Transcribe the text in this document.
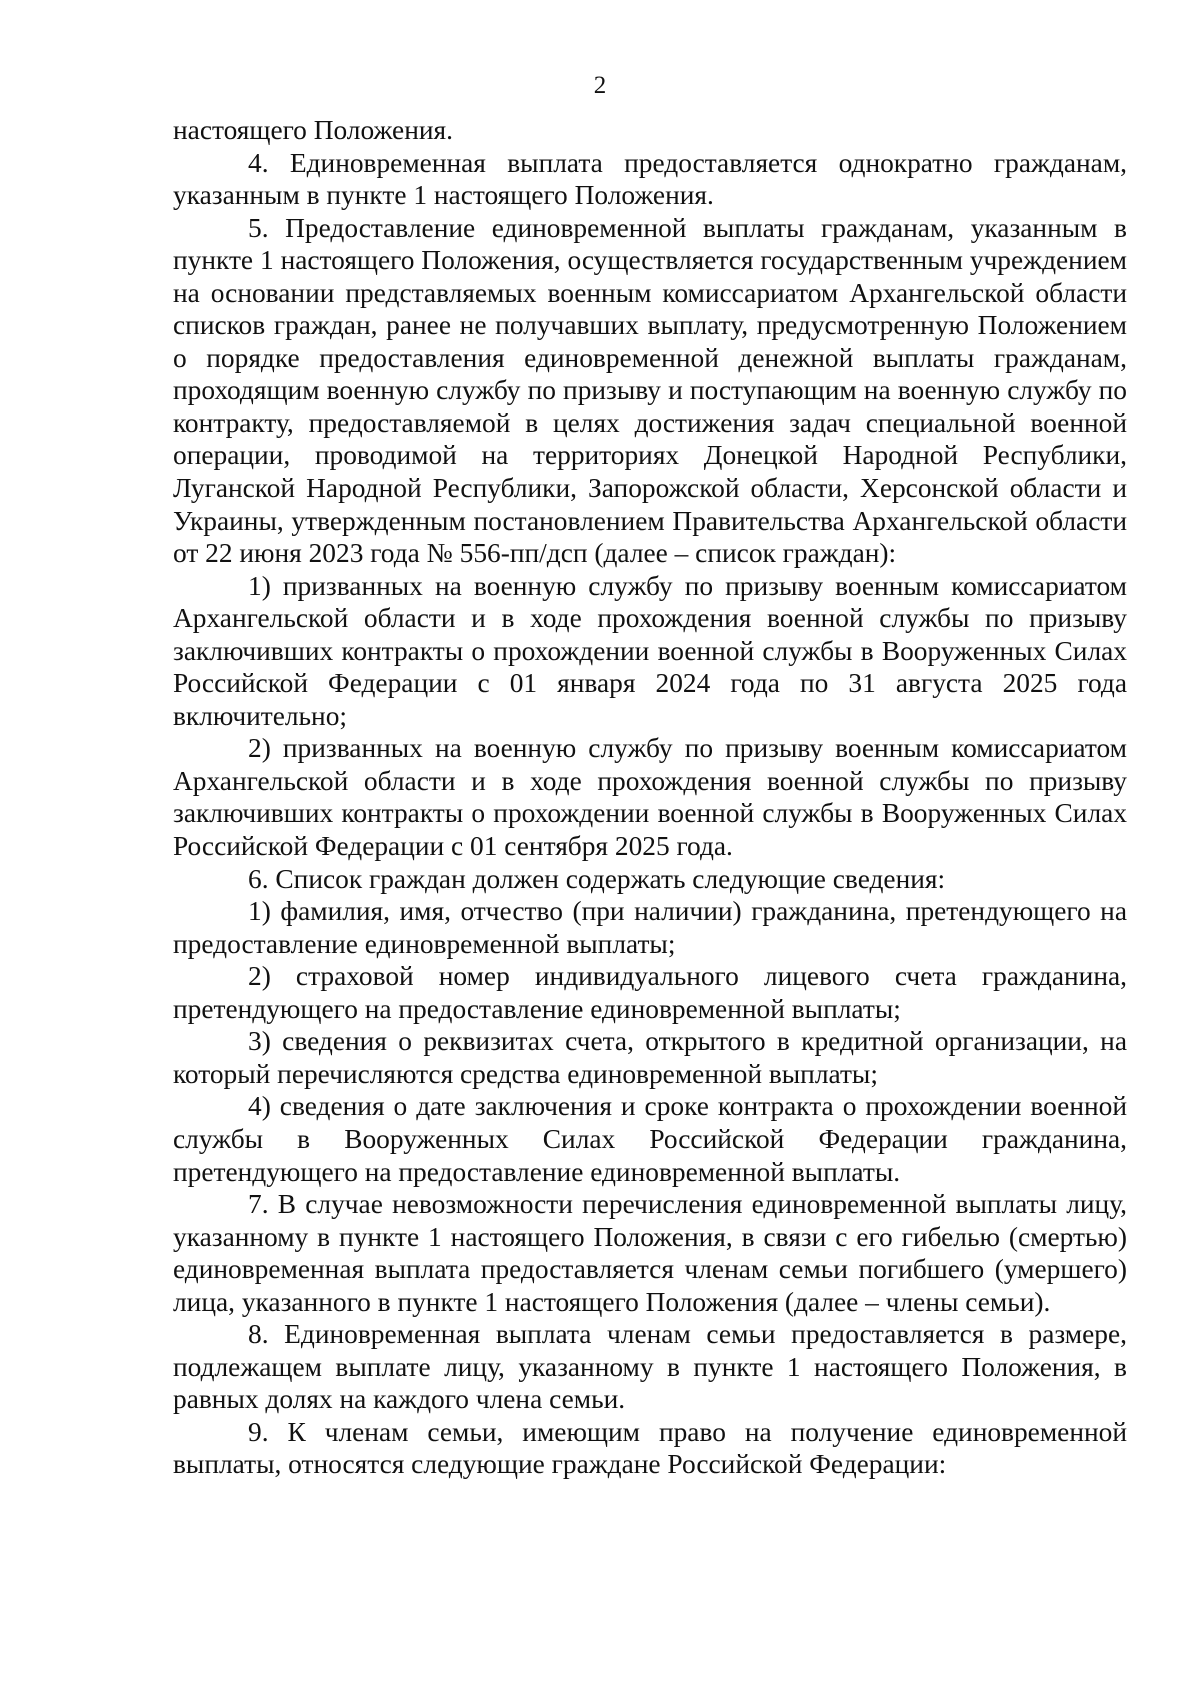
2

настоящего Положения.

4. Единовременная выплата предоставляется однократно гражданам, указанным в пункте 1 настоящего Положения.

5. Предоставление единовременной выплаты гражданам, указанным в пункте 1 настоящего Положения, осуществляется государственным учреждением на основании представляемых военным комиссариатом Архангельской области списков граждан, ранее не получавших выплату, предусмотренную Положением о порядке предоставления единовременной денежной выплаты гражданам, проходящим военную службу по призыву и поступающим на военную службу по контракту, предоставляемой в целях достижения задач специальной военной операции, проводимой на территориях Донецкой Народной Республики, Луганской Народной Республики, Запорожской области, Херсонской области и Украины, утвержденным постановлением Правительства Архангельской области от 22 июня 2023 года № 556-пп/дсп (далее – список граждан):

1) призванных на военную службу по призыву военным комиссариатом Архангельской области и в ходе прохождения военной службы по призыву заключивших контракты о прохождении военной службы в Вооруженных Силах Российской Федерации с 01 января 2024 года по 31 августа 2025 года включительно;

2) призванных на военную службу по призыву военным комиссариатом Архангельской области и в ходе прохождения военной службы по призыву заключивших контракты о прохождении военной службы в Вооруженных Силах Российской Федерации с 01 сентября 2025 года.

6. Список граждан должен содержать следующие сведения:

1) фамилия, имя, отчество (при наличии) гражданина, претендующего на предоставление единовременной выплаты;

2) страховой номер индивидуального лицевого счета гражданина, претендующего на предоставление единовременной выплаты;

3) сведения о реквизитах счета, открытого в кредитной организации, на который перечисляются средства единовременной выплаты;

4) сведения о дате заключения и сроке контракта о прохождении военной службы в Вооруженных Силах Российской Федерации гражданина, претендующего на предоставление единовременной выплаты.

7. В случае невозможности перечисления единовременной выплаты лицу, указанному в пункте 1 настоящего Положения, в связи с его гибелью (смертью) единовременная выплата предоставляется членам семьи погибшего (умершего) лица, указанного в пункте 1 настоящего Положения (далее – члены семьи).

8. Единовременная выплата членам семьи предоставляется в размере, подлежащем выплате лицу, указанному в пункте 1 настоящего Положения, в равных долях на каждого члена семьи.

9. К членам семьи, имеющим право на получение единовременной выплаты, относятся следующие граждане Российской Федерации:
